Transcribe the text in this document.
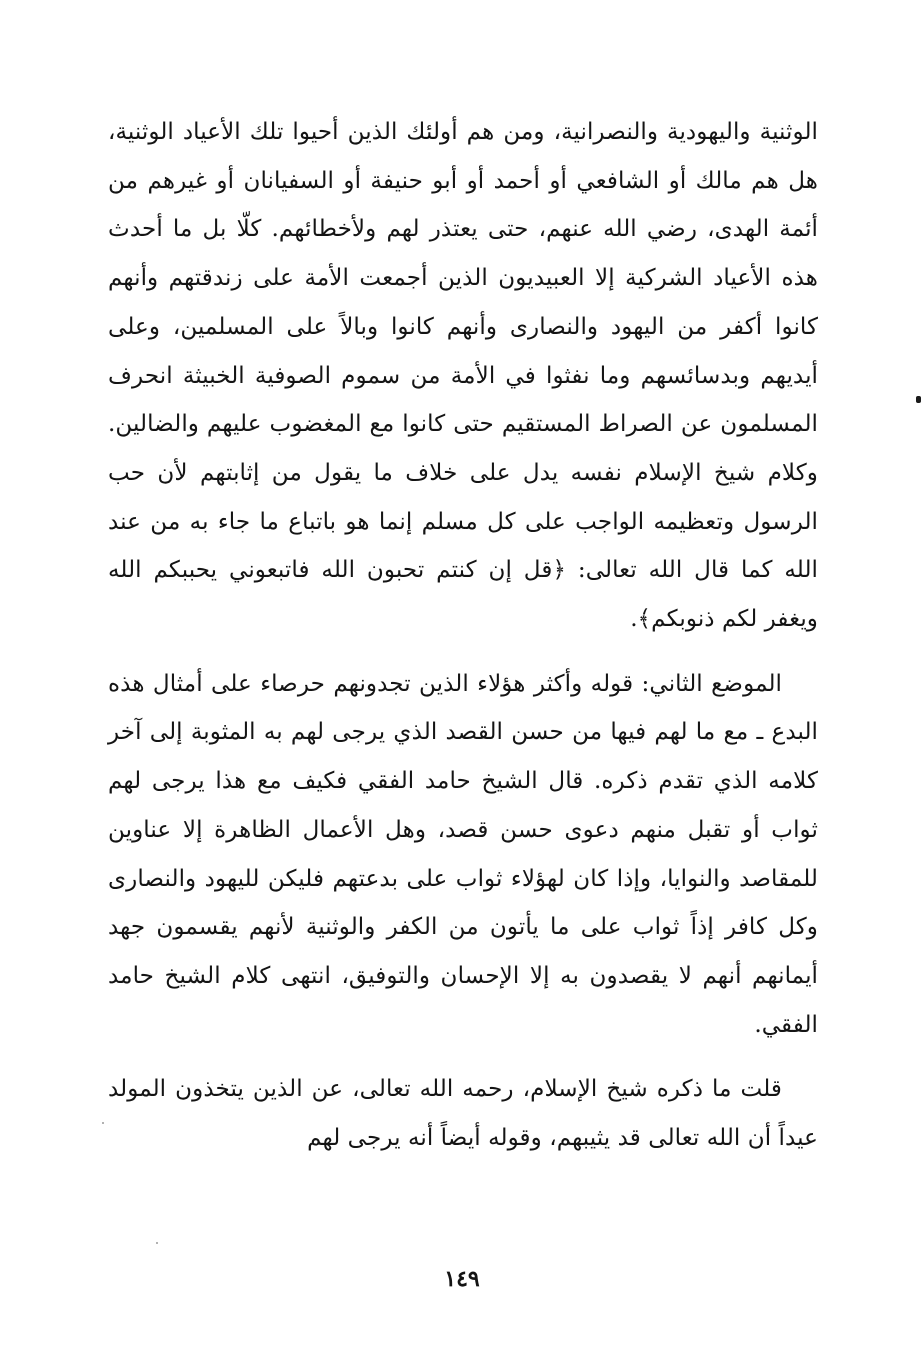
الوثنية واليهودية والنصرانية، ومن هم أولئك الذين أحيوا تلك الأعياد الوثنية، هل هم مالك أو الشافعي أو أحمد أو أبو حنيفة أو السفيانان أو غيرهم من أئمة الهدى، رضي الله عنهم، حتى يعتذر لهم ولأخطائهم. كلّا بل ما أحدث هذه الأعياد الشركية إلا العبيديون الذين أجمعت الأمة على زندقتهم وأنهم كانوا أكفر من اليهود والنصارى وأنهم كانوا وبالاً على المسلمين، وعلى أيديهم وبدسائسهم وما نفثوا في الأمة من سموم الصوفية الخبيثة انحرف المسلمون عن الصراط المستقيم حتى كانوا مع المغضوب عليهم والضالين. وكلام شيخ الإسلام نفسه يدل على خلاف ما يقول من إثابتهم لأن حب الرسول وتعظيمه الواجب على كل مسلم إنما هو باتباع ما جاء به من عند الله كما قال الله تعالى: ﴿قل إن كنتم تحبون الله فاتبعوني يحببكم الله ويغفر لكم ذنوبكم﴾.

الموضع الثاني: قوله وأكثر هؤلاء الذين تجدونهم حرصاء على أمثال هذه البدع ـ مع ما لهم فيها من حسن القصد الذي يرجى لهم به المثوبة إلى آخر كلامه الذي تقدم ذكره. قال الشيخ حامد الفقي فكيف مع هذا يرجى لهم ثواب أو تقبل منهم دعوى حسن قصد، وهل الأعمال الظاهرة إلا عناوين للمقاصد والنوايا، وإذا كان لهؤلاء ثواب على بدعتهم فليكن لليهود والنصارى وكل كافر إذاً ثواب على ما يأتون من الكفر والوثنية لأنهم يقسمون جهد أيمانهم أنهم لا يقصدون به إلا الإحسان والتوفيق، انتهى كلام الشيخ حامد الفقي.

قلت ما ذكره شيخ الإسلام، رحمه الله تعالى، عن الذين يتخذون المولد عيداً أن الله تعالى قد يثيبهم، وقوله أيضاً أنه يرجى لهم

١٤٩
